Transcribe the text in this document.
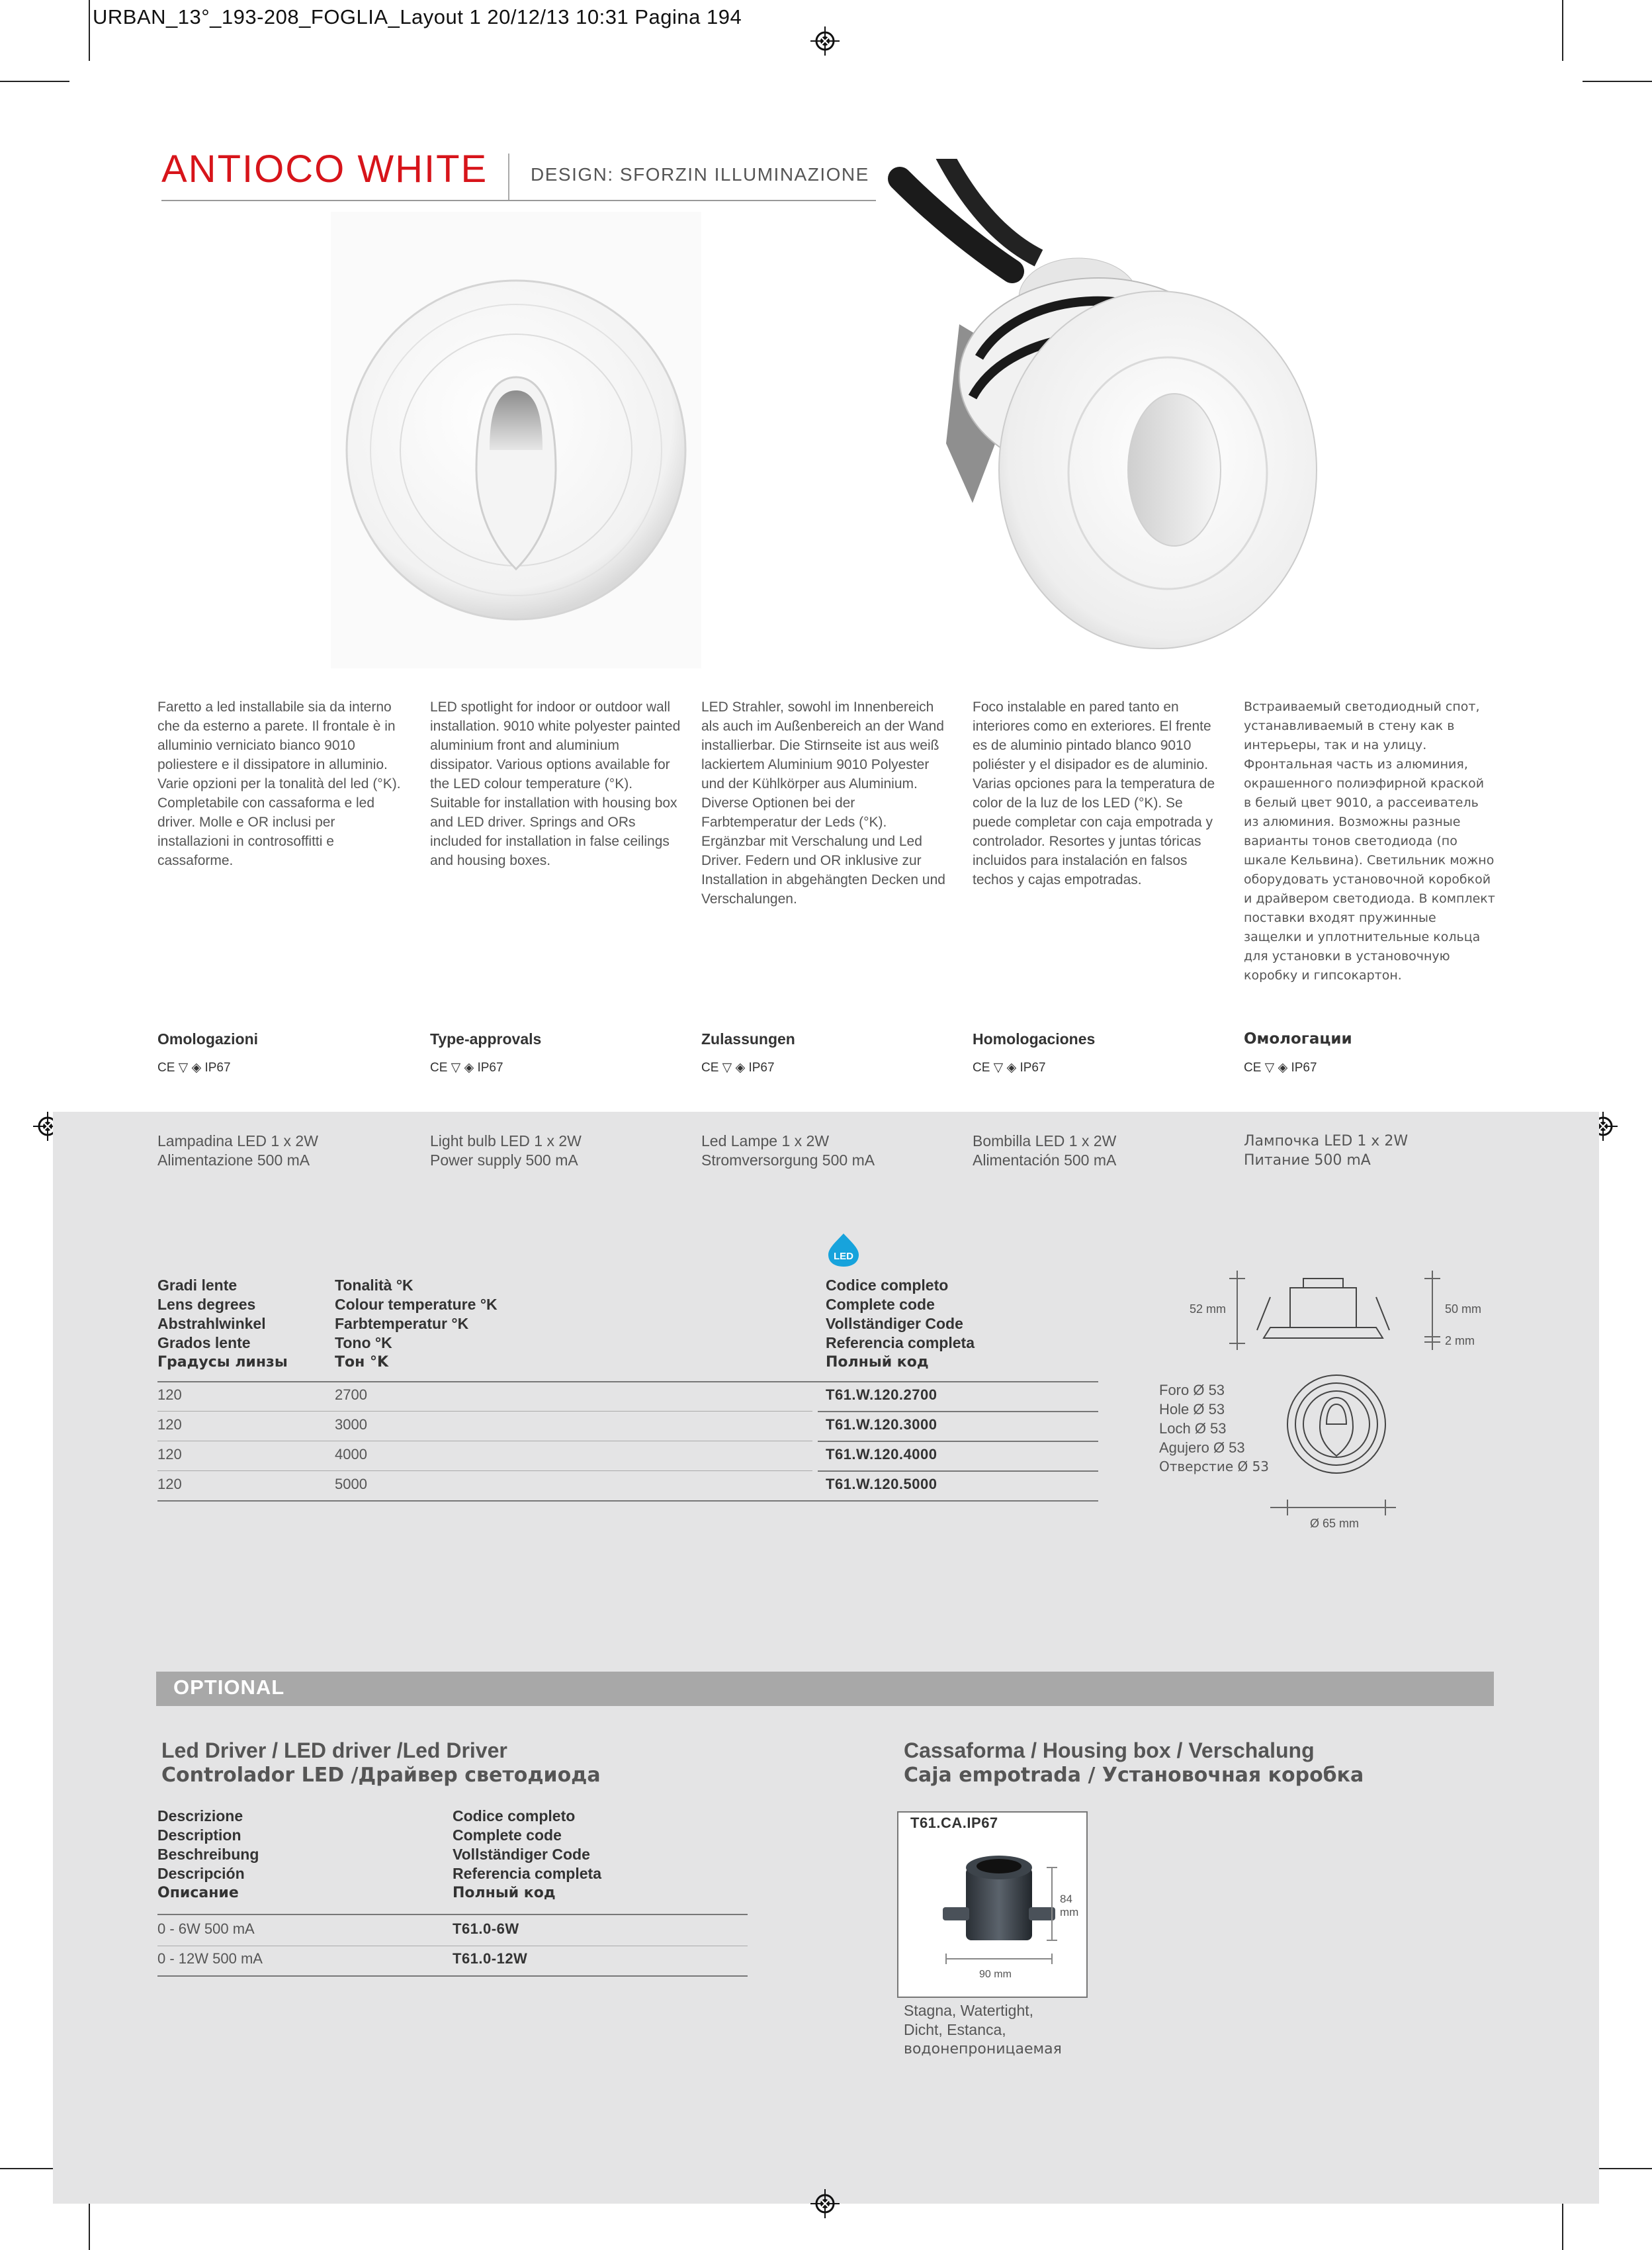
URBAN_13°_193-208_FOGLIA_Layout 1 20/12/13 10:31 Pagina 194
ANTIOCO WHITE DESIGN: SFORZIN ILLUMINAZIONE
Faretto a led installabile sia da interno che da esterno a parete. Il frontale è in alluminio verniciato bianco 9010 poliestere e il dissipatore in alluminio. Varie opzioni per la tonalità del led (°K). Completabile con cassaforma e led driver. Molle e OR inclusi per installazioni in controsoffitti e cassaforme.
LED spotlight for indoor or outdoor wall installation. 9010 white polyester painted aluminium front and aluminium dissipator. Various options available for the LED colour temperature (°K). Suitable for installation with housing box and LED driver. Springs and ORs included for installation in false ceilings and housing boxes.
LED Strahler, sowohl im Innenbereich als auch im Außenbereich an der Wand installierbar. Die Stirnseite ist aus weiß lackiertem Aluminium 9010 Polyester und der Kühlkörper aus Aluminium. Diverse Optionen bei der Farbtemperatur der Leds (°K). Ergänzbar mit Verschalung und Led Driver. Federn und OR inklusive zur Installation in abgehängten Decken und Verschalungen.
Foco instalable en pared tanto en interiores como en exteriores. El frente es de aluminio pintado blanco 9010 poliéster y el disipador es de aluminio. Varias opciones para la temperatura de color de la luz de los LED (°K). Se puede completar con caja empotrada y controlador. Resortes y juntas tóricas incluidos para instalación en falsos techos y cajas empotradas.
Встраиваемый светодиодный спот, устанавливаемый в стену как в интерьеры, так и на улицу. Фронтальная часть из алюминия, окрашенного полиэфирной краской в белый цвет 9010, а рассеиватель из алюминия. Возможны разные варианты тонов светодиода (по шкале Кельвина). Светильник можно оборудовать установочной коробкой и драйвером светодиода. В комплект поставки входят пружинные защелки и уплотнительные кольца для установки в установочную коробку и гипсокартон.
Omologazioni	Type-approvals	Zulassungen	Homologaciones	Омологации
CE ▽ ◈ IP67	CE ▽ ◈ IP67	CE ▽ ◈ IP67	CE ▽ ◈ IP67	CE ▽ ◈ IP67
Lampadina LED 1 x 2W
Alimentazione 500 mA
Light bulb LED 1 x 2W
Power supply 500 mA
Led Lampe 1 x 2W
Stromversorgung 500 mA
Bombilla LED 1 x 2W
Alimentación 500 mA
Лампочка LED 1 x 2W
Питание 500 mA
LED
Gradi lente
Lens degrees
Abstrahlwinkel
Grados lente
Градусы линзы
Tonalità °K
Colour temperature °K
Farbtemperatur °K
Tono °K
Тон °K
Codice completo
Complete code
Vollständiger Code
Referencia completa
Полный код
120	2700	T61.W.120.2700
120	3000	T61.W.120.3000
120	4000	T61.W.120.4000
120	5000	T61.W.120.5000
52 mm	50 mm
2 mm
Ø 65 mm
Foro Ø 53
Hole Ø 53
Loch Ø 53
Agujero Ø 53
Отверстие Ø 53
OPTIONAL
Led Driver / LED driver /Led Driver
Controlador LED /Драйвер светодиода
Descrizione
Description
Beschreibung
Descripción
Описание
Codice completo
Complete code
Vollständiger Code
Referencia completa
Полный код
0 - 6W 500 mA	T61.0-6W
0 - 12W 500 mA	T61.0-12W
Cassaforma / Housing box / Verschalung
Caja empotrada / Установочная коробка
T61.CA.IP67
84
mm
90 mm
Stagna, Watertight,
Dicht, Estanca,
водонепроницаемая
